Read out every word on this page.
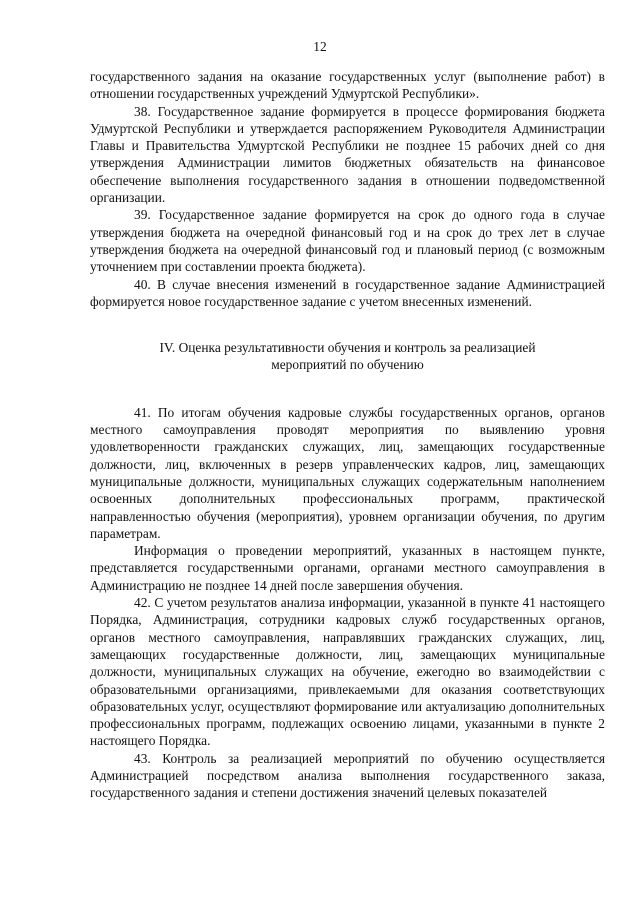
12

государственного задания на оказание государственных услуг (выполнение работ) в отношении государственных учреждений Удмуртской Республики».

38. Государственное задание формируется в процессе формирования бюджета Удмуртской Республики и утверждается распоряжением Руководителя Администрации Главы и Правительства Удмуртской Республики не позднее 15 рабочих дней со дня утверждения Администрации лимитов бюджетных обязательств на финансовое обеспечение выполнения государственного задания в отношении подведомственной организации.

39. Государственное задание формируется на срок до одного года в случае утверждения бюджета на очередной финансовый год и на срок до трех лет в случае утверждения бюджета на очередной финансовый год и плановый период (с возможным уточнением при составлении проекта бюджета).

40. В случае внесения изменений в государственное задание Администрацией формируется новое государственное задание с учетом внесенных изменений.

IV. Оценка результативности обучения и контроль за реализацией
мероприятий по обучению

41. По итогам обучения кадровые службы государственных органов, органов местного самоуправления проводят мероприятия по выявлению уровня удовлетворенности гражданских служащих, лиц, замещающих государственные должности, лиц, включенных в резерв управленческих кадров, лиц, замещающих муниципальные должности, муниципальных служащих содержательным наполнением освоенных дополнительных профессиональных программ, практической направленностью обучения (мероприятия), уровнем организации обучения, по другим параметрам.

Информация о проведении мероприятий, указанных в настоящем пункте, представляется государственными органами, органами местного самоуправления в Администрацию не позднее 14 дней после завершения обучения.

42. С учетом результатов анализа информации, указанной в пункте 41 настоящего Порядка, Администрация, сотрудники кадровых служб государственных органов, органов местного самоуправления, направлявших гражданских служащих, лиц, замещающих государственные должности, лиц, замещающих муниципальные должности, муниципальных служащих на обучение, ежегодно во взаимодействии с образовательными организациями, привлекаемыми для оказания соответствующих образовательных услуг, осуществляют формирование или актуализацию дополнительных профессиональных программ, подлежащих освоению лицами, указанными в пункте 2 настоящего Порядка.

43. Контроль за реализацией мероприятий по обучению осуществляется Администрацией посредством анализа выполнения государственного заказа, государственного задания и степени достижения значений целевых показателей
